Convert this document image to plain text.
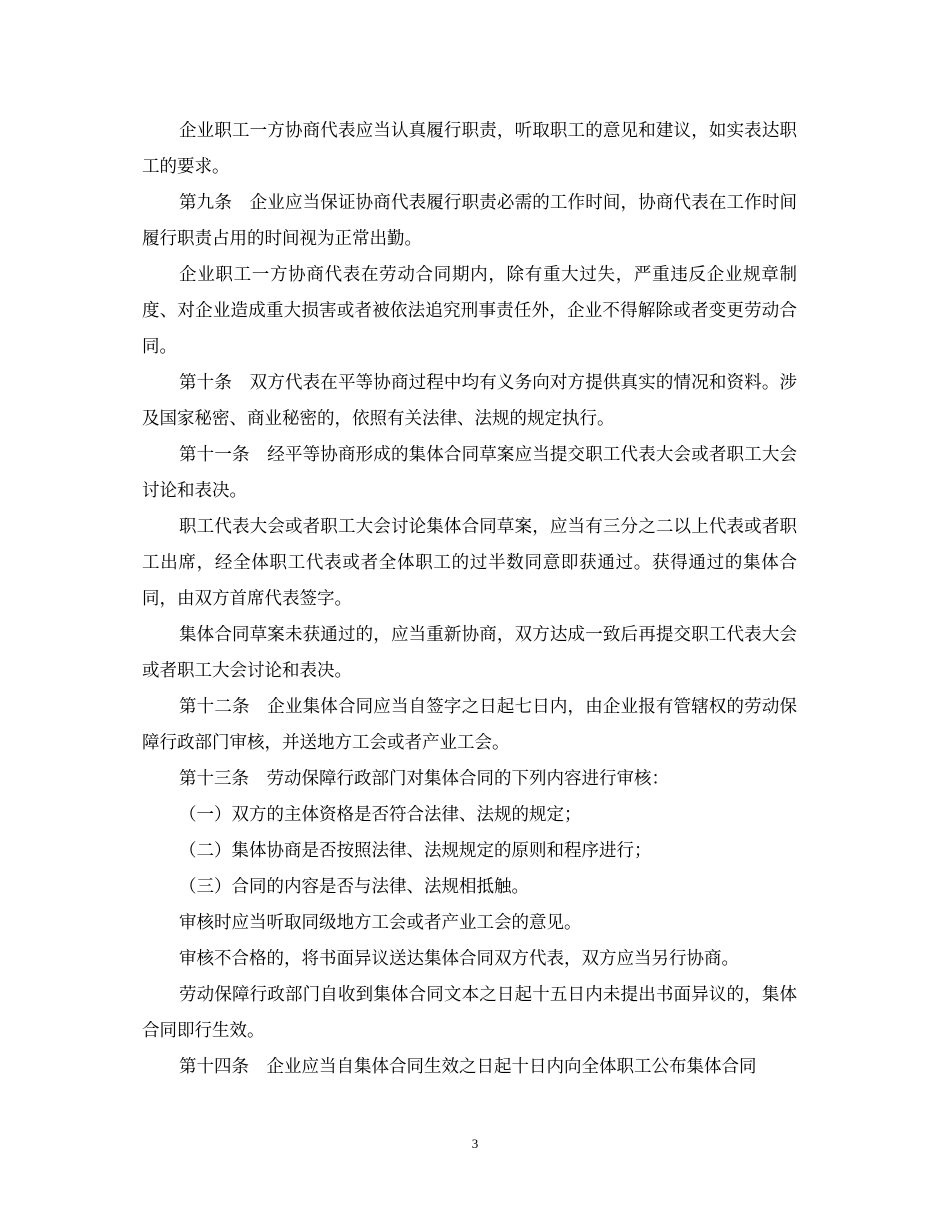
企业职工一方协商代表应当认真履行职责，听取职工的意见和建议，如实表达职工的要求。

第九条　企业应当保证协商代表履行职责必需的工作时间，协商代表在工作时间履行职责占用的时间视为正常出勤。

企业职工一方协商代表在劳动合同期内，除有重大过失，严重违反企业规章制度、对企业造成重大损害或者被依法追究刑事责任外，企业不得解除或者变更劳动合同。

第十条　双方代表在平等协商过程中均有义务向对方提供真实的情况和资料。涉及国家秘密、商业秘密的，依照有关法律、法规的规定执行。

第十一条　经平等协商形成的集体合同草案应当提交职工代表大会或者职工大会讨论和表决。

职工代表大会或者职工大会讨论集体合同草案，应当有三分之二以上代表或者职工出席，经全体职工代表或者全体职工的过半数同意即获通过。获得通过的集体合同，由双方首席代表签字。

集体合同草案未获通过的，应当重新协商，双方达成一致后再提交职工代表大会或者职工大会讨论和表决。

第十二条　企业集体合同应当自签字之日起七日内，由企业报有管辖权的劳动保障行政部门审核，并送地方工会或者产业工会。

第十三条　劳动保障行政部门对集体合同的下列内容进行审核：

（一）双方的主体资格是否符合法律、法规的规定；

（二）集体协商是否按照法律、法规规定的原则和程序进行；

（三）合同的内容是否与法律、法规相抵触。

审核时应当听取同级地方工会或者产业工会的意见。

审核不合格的，将书面异议送达集体合同双方代表，双方应当另行协商。

劳动保障行政部门自收到集体合同文本之日起十五日内未提出书面异议的，集体合同即行生效。

第十四条　企业应当自集体合同生效之日起十日内向全体职工公布集体合同

3
